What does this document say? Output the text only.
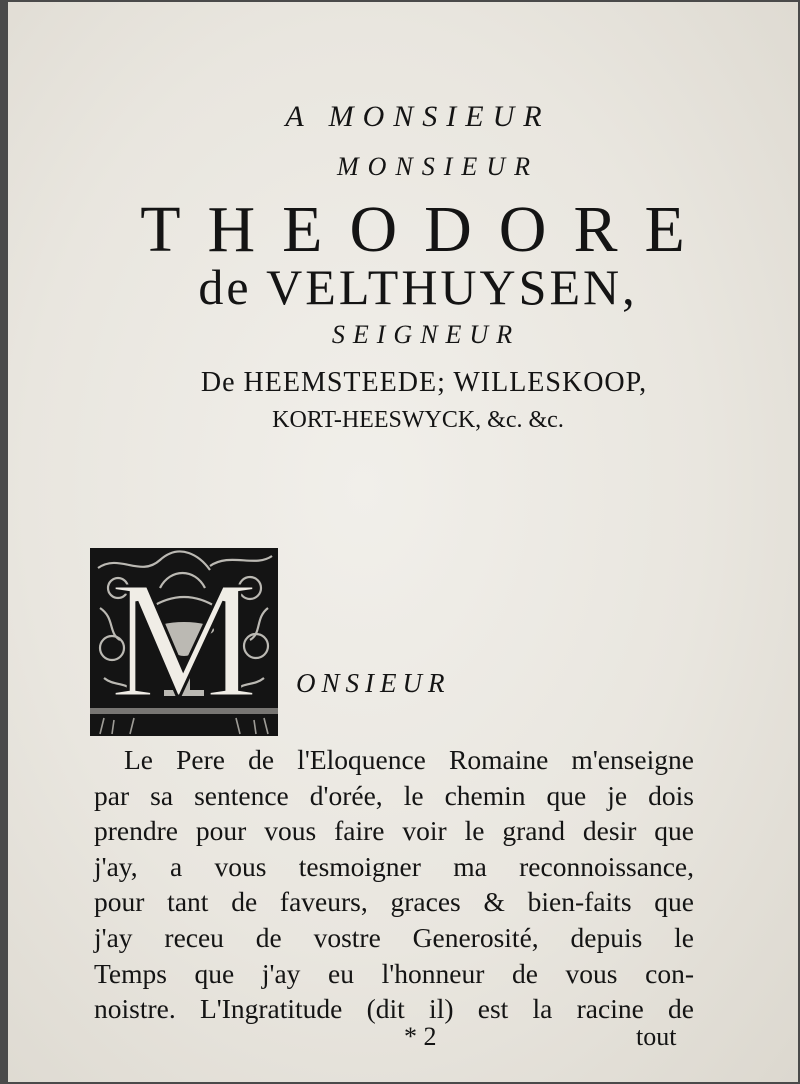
A MONSIEUR
MONSIEUR
THEODORE
de VELTHUYSEN,
SEIGNEUR
De HEEMSTEEDE; WILLESKOOP,
KORT-HEESWYCK, &c. &c.
M ONSIEUR
Le Pere de l'Eloquence Romaine m'enseigne
par sa sentence d'orée, le chemin que je dois
prendre pour vous faire voir le grand desir que
j'ay, a vous tesmoigner ma reconnoissance,
pour tant de faveurs, graces & bien-faits que
j'ay receu de vostre Generosité, depuis le
Temps que j'ay eu l'honneur de vous con-
noistre. L'Ingratitude (dit il) est la racine de
* 2	tout
